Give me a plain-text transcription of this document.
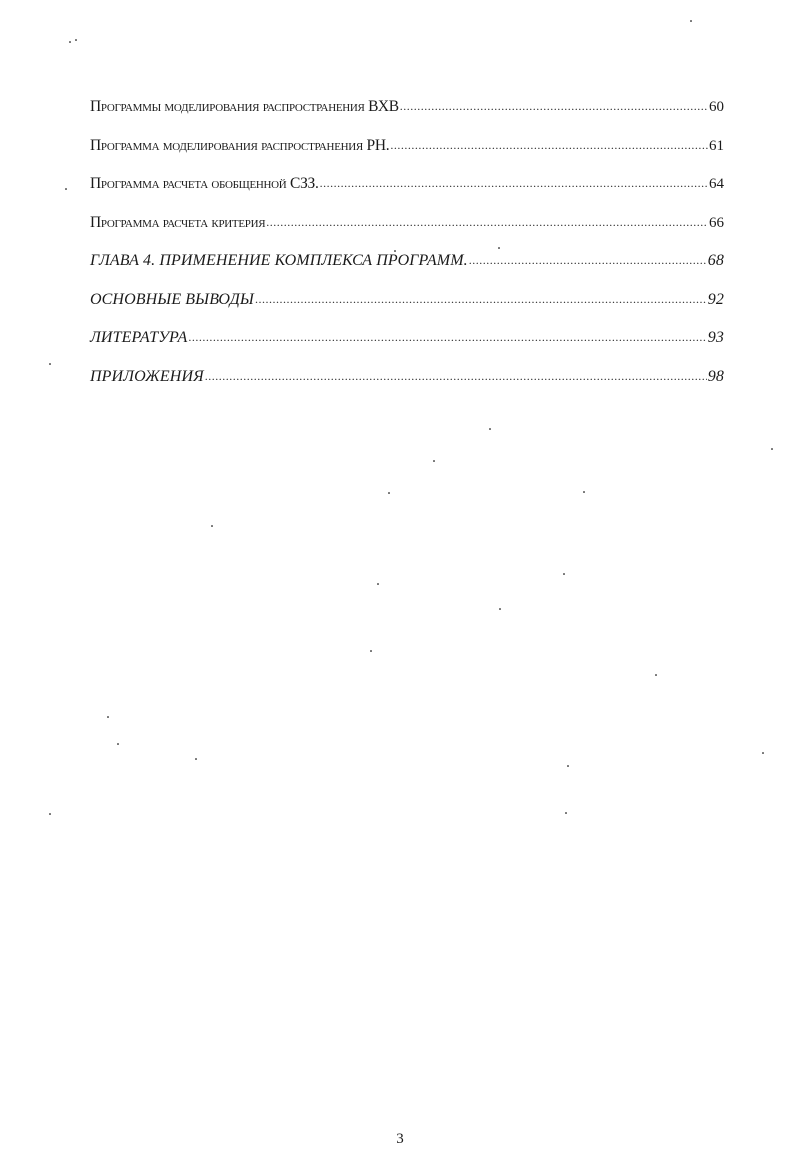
Программы моделирования распространения ВХВ .....	60
Программа моделирования распространения РН. .....	61
Программа расчета обобщенной СЗЗ. .....	64
Программа расчета критерия .....	66
ГЛАВА 4. ПРИМЕНЕНИЕ КОМПЛЕКСА ПРОГРАММ. .....	68
ОСНОВНЫЕ ВЫВОДЫ .....	92
ЛИТЕРАТУРА .....	93
ПРИЛОЖЕНИЯ .....	98
3
